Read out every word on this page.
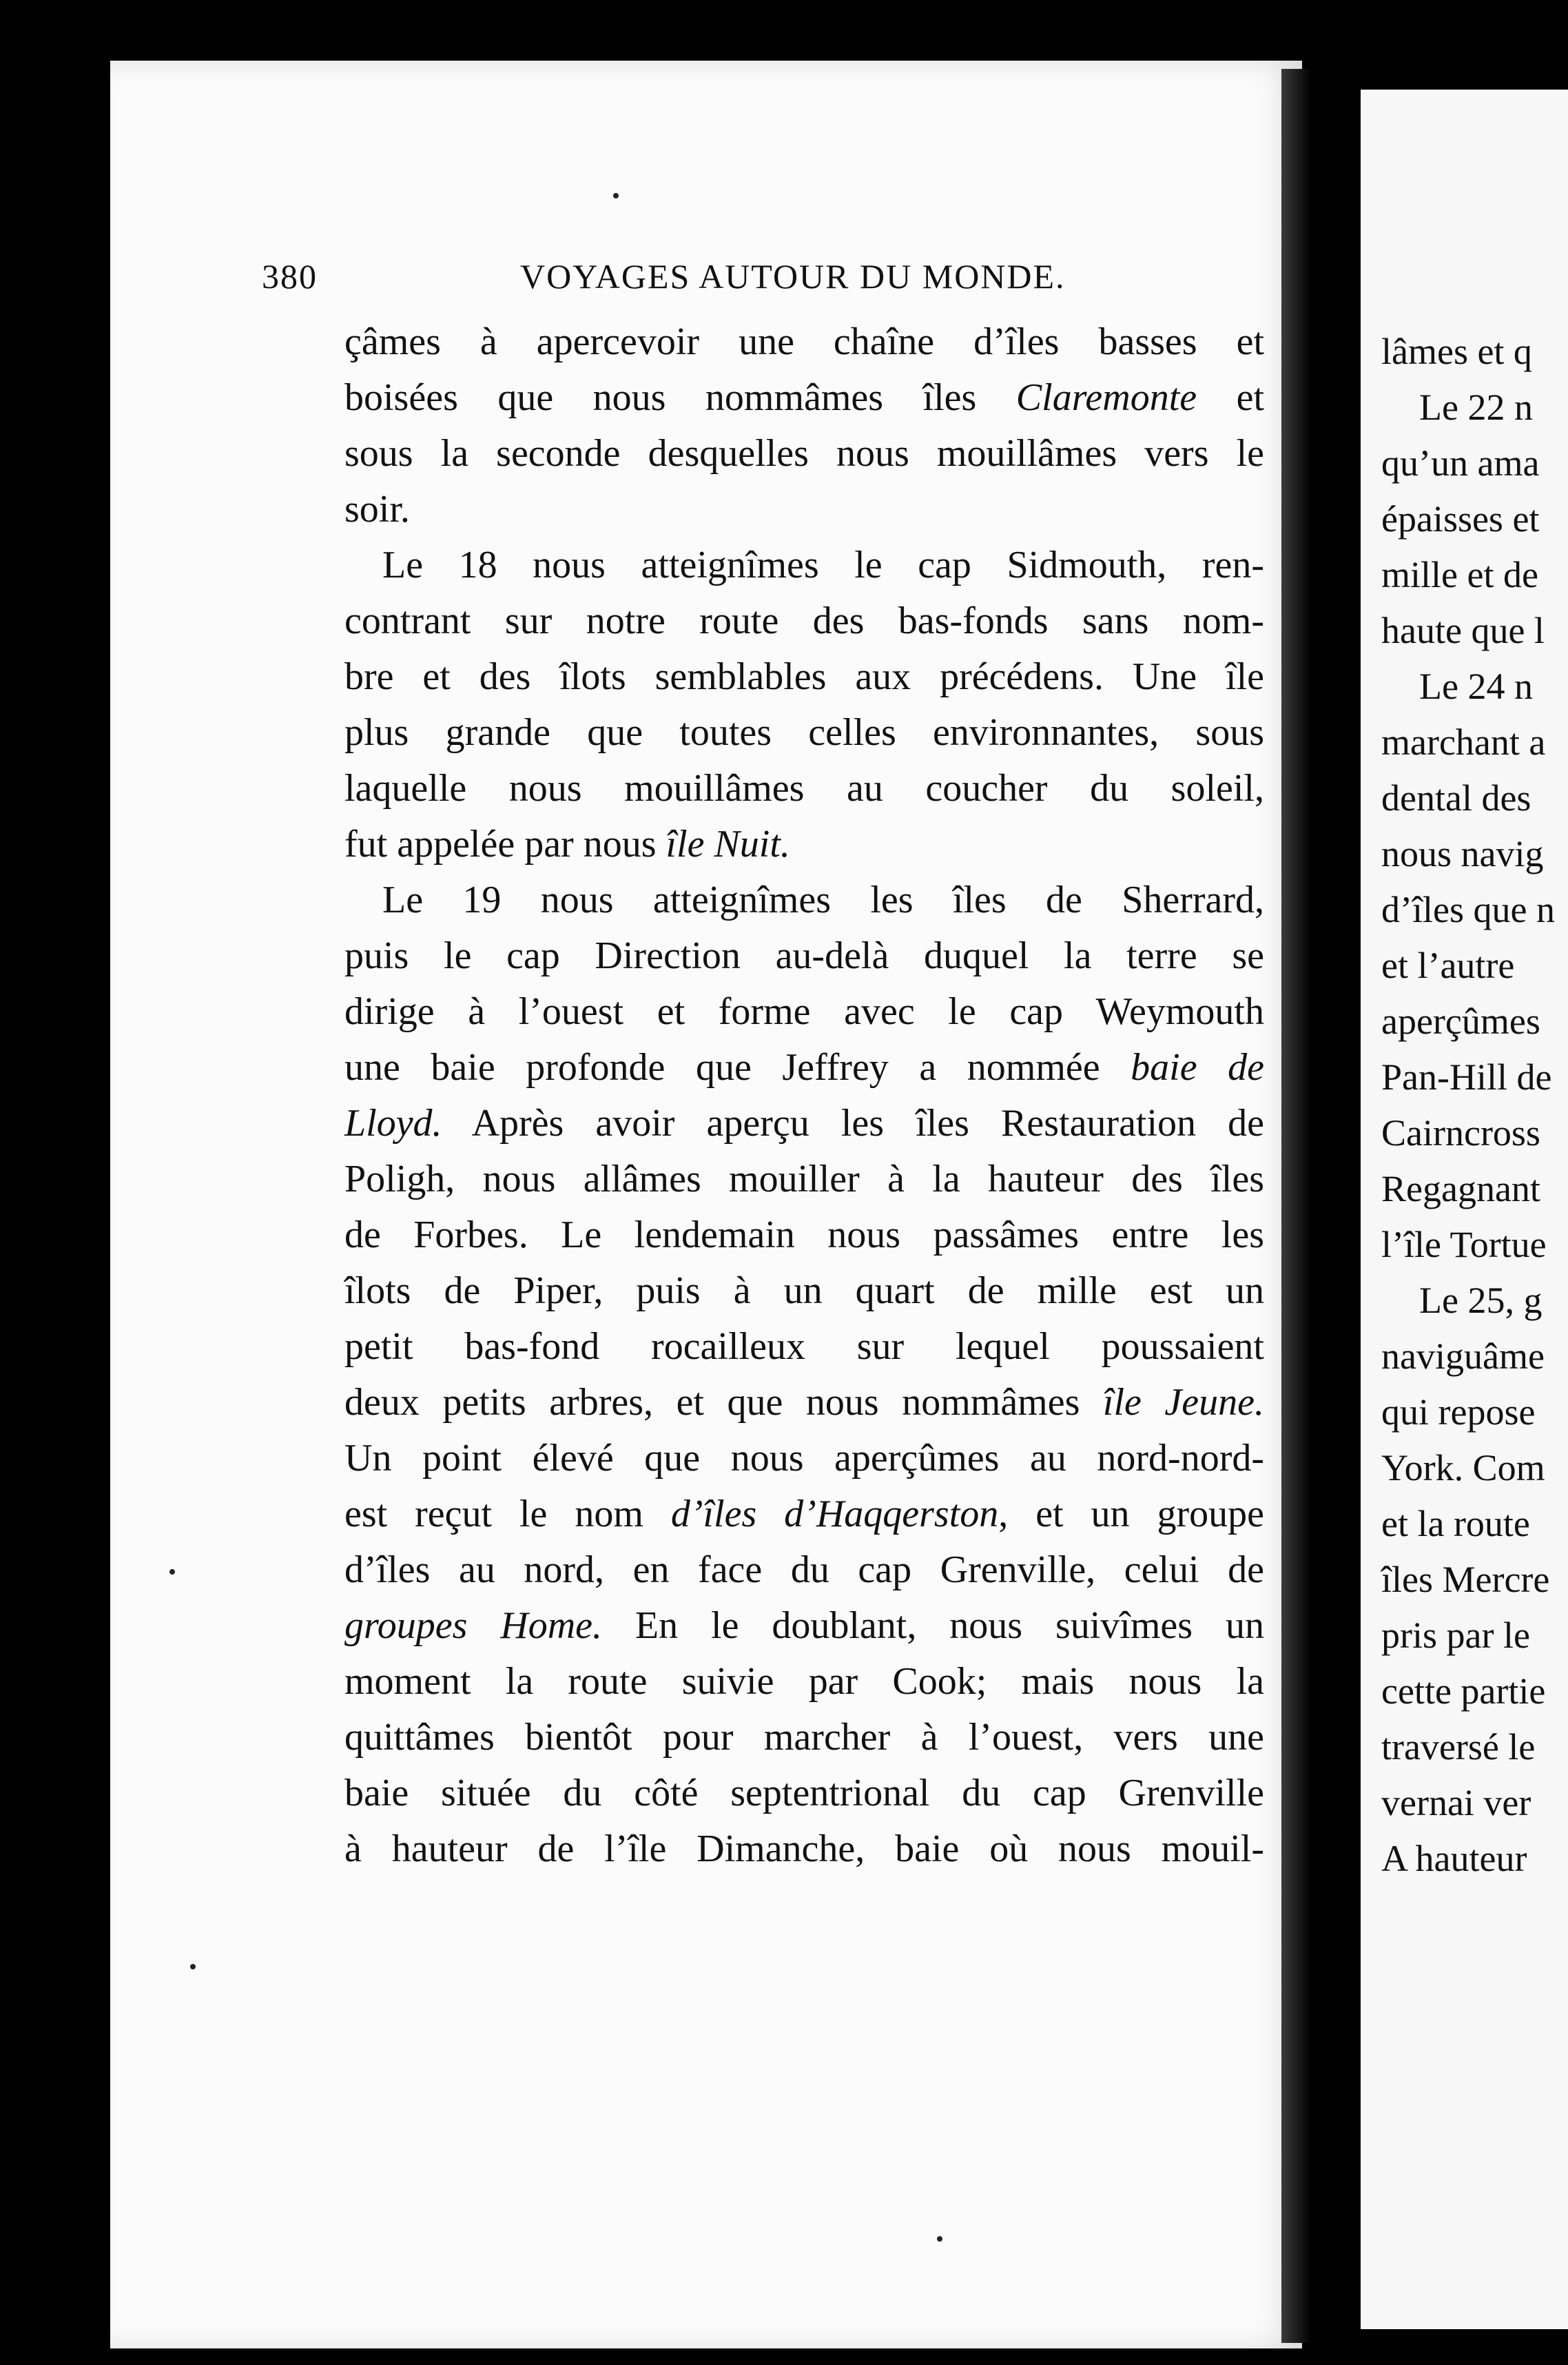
380	VOYAGES AUTOUR DU MONDE.
çâmes à apercevoir une chaîne d’îles basses et
boisées que nous nommâmes îles Claremonte et
sous la seconde desquelles nous mouillâmes vers le
soir.
Le 18 nous atteignîmes le cap Sidmouth, ren-
contrant sur notre route des bas-fonds sans nom-
bre et des îlots semblables aux précédens. Une île
plus grande que toutes celles environnantes, sous
laquelle nous mouillâmes au coucher du soleil,
fut appelée par nous île Nuit.
Le 19 nous atteignîmes les îles de Sherrard,
puis le cap Direction au-delà duquel la terre se
dirige à l’ouest et forme avec le cap Weymouth
une baie profonde que Jeffrey a nommée baie de
Lloyd. Après avoir aperçu les îles Restauration de
Poligh, nous allâmes mouiller à la hauteur des îles
de Forbes. Le lendemain nous passâmes entre les
îlots de Piper, puis à un quart de mille est un
petit bas-fond rocailleux sur lequel poussaient
deux petits arbres, et que nous nommâmes île Jeune.
Un point élevé que nous aperçûmes au nord-nord-
est reçut le nom d’îles d’Haqqerston, et un groupe
d’îles au nord, en face du cap Grenville, celui de
groupes Home. En le doublant, nous suivîmes un
moment la route suivie par Cook; mais nous la
quittâmes bientôt pour marcher à l’ouest, vers une
baie située du côté septentrional du cap Grenville
à hauteur de l’île Dimanche, baie où nous mouil-
lâmes et q
Le 22 n
qu’un ama
épaisses et
mille et de
haute que l
Le 24 n
marchant a
dental des
nous navig
d’îles que n
et l’autre
aperçûmes
Pan-Hill de
Cairncross
Regagnant
l’île Tortue
Le 25, g
naviguâme
qui repose
York. Com
et la route
îles Mercre
pris par le
cette partie
traversé le
vernai ver
A hauteur
